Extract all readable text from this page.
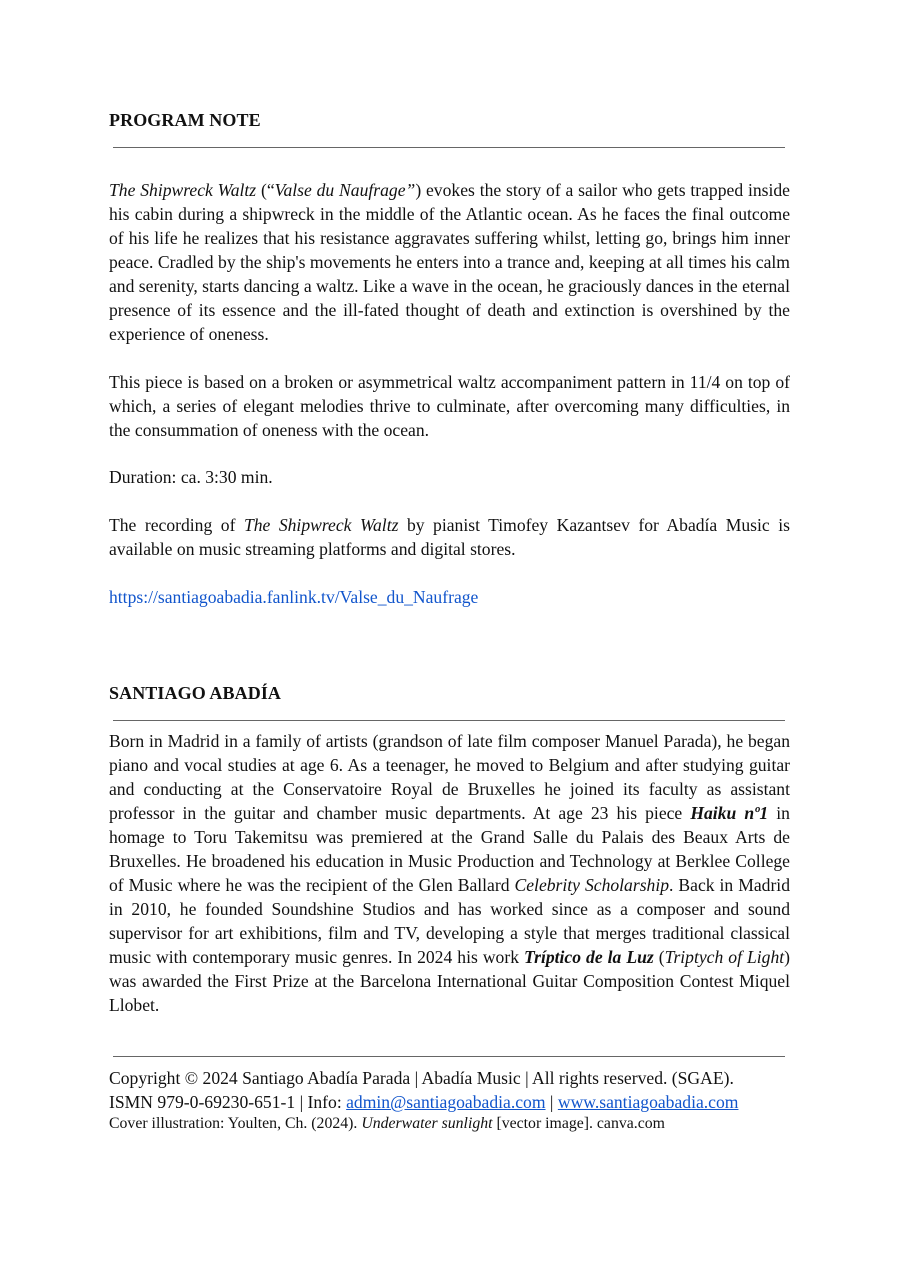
PROGRAM NOTE

The Shipwreck Waltz (“Valse du Naufrage”) evokes the story of a sailor who gets trapped inside his cabin during a shipwreck in the middle of the Atlantic ocean. As he faces the final outcome of his life he realizes that his resistance aggravates suffering whilst, letting go, brings him inner peace. Cradled by the ship's movements he enters into a trance and, keeping at all times his calm and serenity, starts dancing a waltz. Like a wave in the ocean, he graciously dances in the eternal presence of its essence and the ill-fated thought of death and extinction is overshined by the experience of oneness.

This piece is based on a broken or asymmetrical waltz accompaniment pattern in 11/4 on top of which, a series of elegant melodies thrive to culminate, after overcoming many difficulties, in the consummation of oneness with the ocean.

Duration: ca. 3:30 min.

The recording of The Shipwreck Waltz by pianist Timofey Kazantsev for Abadía Music is available on music streaming platforms and digital stores.

https://santiagoabadia.fanlink.tv/Valse_du_Naufrage

SANTIAGO ABADÍA

Born in Madrid in a family of artists (grandson of late film composer Manuel Parada), he began piano and vocal studies at age 6. As a teenager, he moved to Belgium and after studying guitar and conducting at the Conservatoire Royal de Bruxelles he joined its faculty as assistant professor in the guitar and chamber music departments. At age 23 his piece Haiku nº1 in homage to Toru Takemitsu was premiered at the Grand Salle du Palais des Beaux Arts de Bruxelles. He broadened his education in Music Production and Technology at Berklee College of Music where he was the recipient of the Glen Ballard Celebrity Scholarship. Back in Madrid in 2010, he founded Soundshine Studios and has worked since as a composer and sound supervisor for art exhibitions, film and TV, developing a style that merges traditional classical music with contemporary music genres. In 2024 his work Tríptico de la Luz (Triptych of Light) was awarded the First Prize at the Barcelona International Guitar Composition Contest Miquel Llobet.

Copyright © 2024 Santiago Abadía Parada | Abadía Music | All rights reserved. (SGAE).
ISMN 979-0-69230-651-1 | Info: admin@santiagoabadia.com | www.santiagoabadia.com
Cover illustration: Youlten, Ch. (2024). Underwater sunlight [vector image]. canva.com
